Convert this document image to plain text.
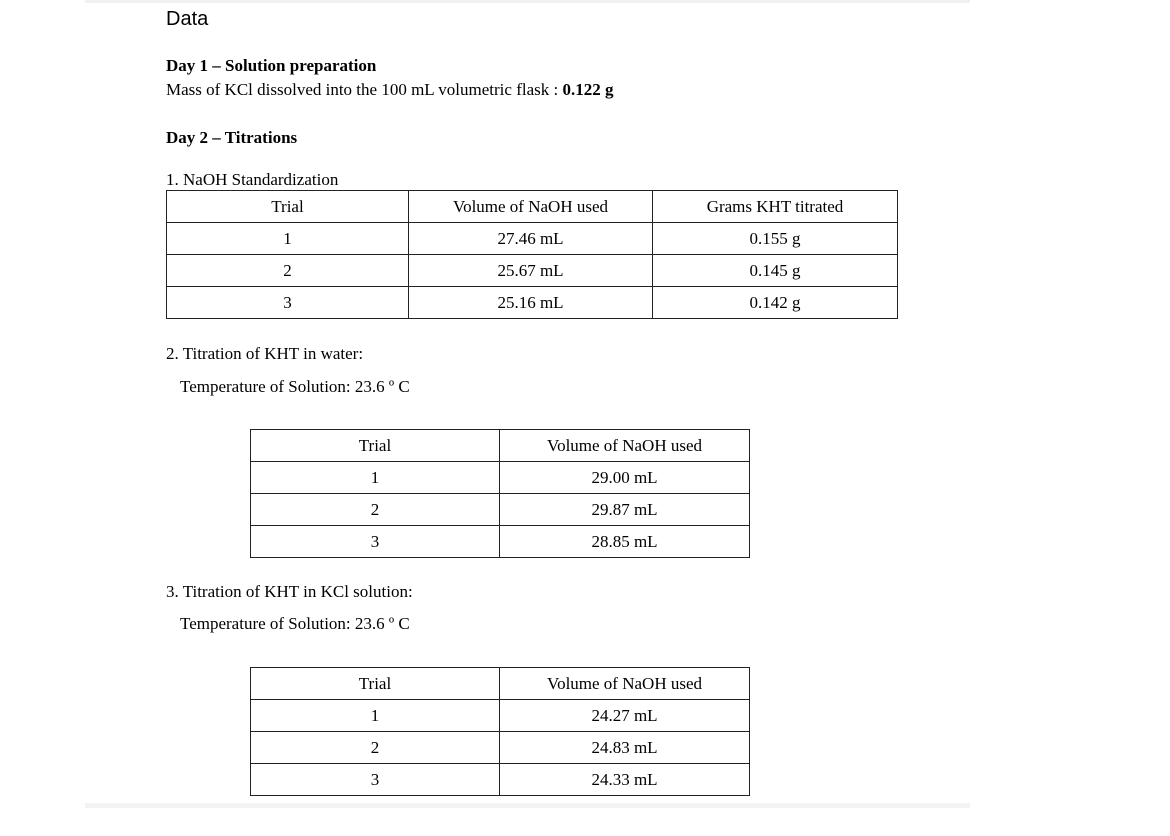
Data
Day 1 – Solution preparation
Mass of KCl dissolved into the 100 mL volumetric flask : 0.122 g
Day 2 – Titrations
1. NaOH Standardization
Trial	Volume of NaOH used	Grams KHT titrated
1	27.46 mL	0.155 g
2	25.67 mL	0.145 g
3	25.16 mL	0.142 g
2. Titration of KHT in water:
Temperature of Solution: 23.6 º C
Trial	Volume of NaOH used
1	29.00 mL
2	29.87 mL
3	28.85 mL
3. Titration of KHT in KCl solution:
Temperature of Solution: 23.6 º C
Trial	Volume of NaOH used
1	24.27 mL
2	24.83 mL
3	24.33 mL
